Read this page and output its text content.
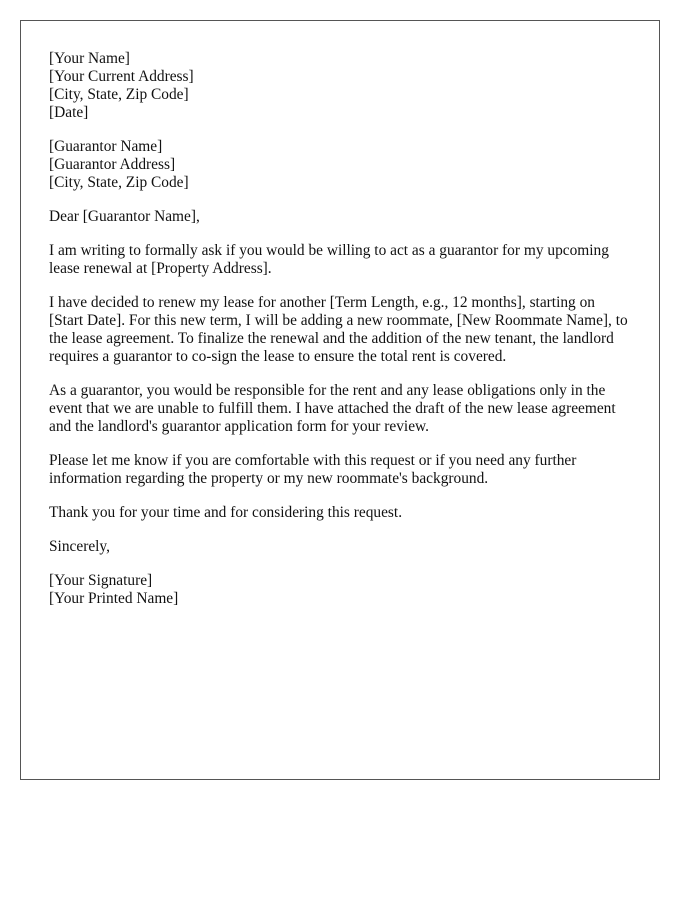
[Your Name]
[Your Current Address]
[City, State, Zip Code]
[Date]
[Guarantor Name]
[Guarantor Address]
[City, State, Zip Code]

Dear [Guarantor Name],

I am writing to formally ask if you would be willing to act as a guarantor for my upcoming lease renewal at [Property Address].

I have decided to renew my lease for another [Term Length, e.g., 12 months], starting on [Start Date]. For this new term, I will be adding a new roommate, [New Roommate Name], to the lease agreement. To finalize the renewal and the addition of the new tenant, the landlord requires a guarantor to co-sign the lease to ensure the total rent is covered.

As a guarantor, you would be responsible for the rent and any lease obligations only in the event that we are unable to fulfill them. I have attached the draft of the new lease agreement and the landlord's guarantor application form for your review.

Please let me know if you are comfortable with this request or if you need any further information regarding the property or my new roommate's background.

Thank you for your time and for considering this request.

Sincerely,

[Your Signature]
[Your Printed Name]
